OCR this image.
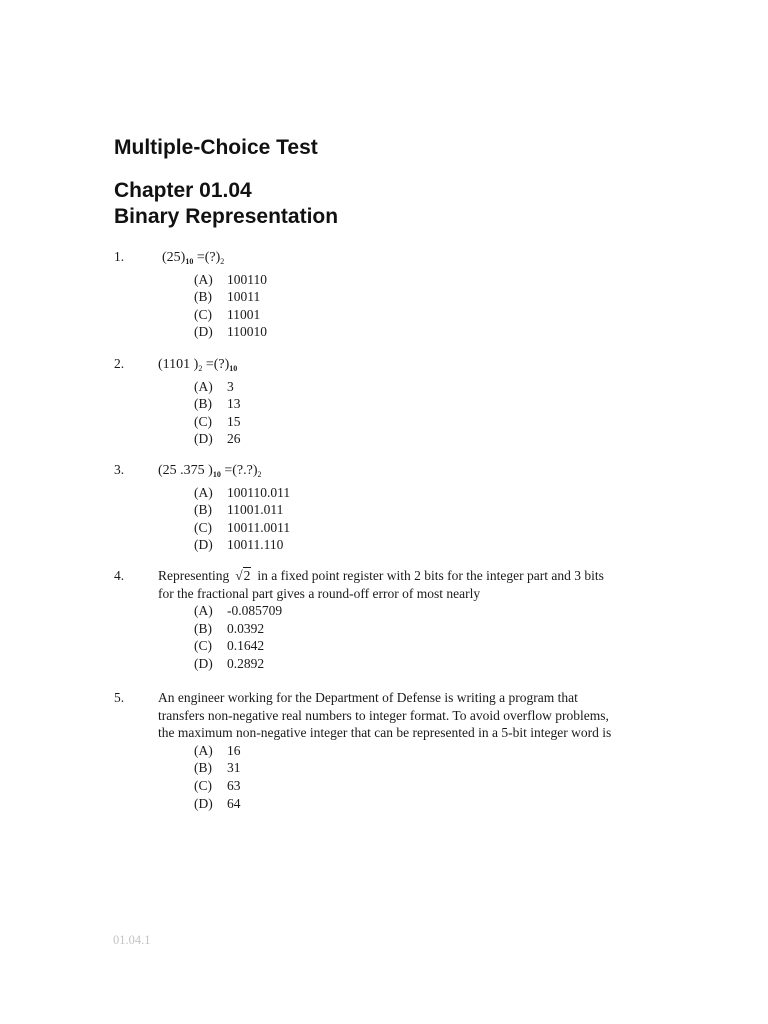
Multiple-Choice Test
Chapter 01.04
Binary Representation
1.	$(25)_{10}$ $=(?)_2$
(A) 100110
(B) 10011
(C) 11001
(D) 110010
2. (1101 )$_2$ $=(?)_{10}$
(A) 3
(B) 13
(C) 15
(D) 26
3. (25 .375 )$_{10}$ $=(?.?)_2$
(A) 100110.011
(B) 11001.011
(C) 10011.0011
(D) 10011.110
4.	Representing √2 in a fixed point register with 2 bits for the integer part and 3 bits
for the fractional part gives a round-off error of most nearly
(A) -0.085709
(B) 0.0392
(C) 0.1642
(D) 0.2892
5.	An engineer working for the Department of Defense is writing a program that
transfers non-negative real numbers to integer format. To avoid overflow problems,
the maximum non-negative integer that can be represented in a 5-bit integer word is
(A) 16
(B) 31
(C) 63
(D) 64
01.04.1
